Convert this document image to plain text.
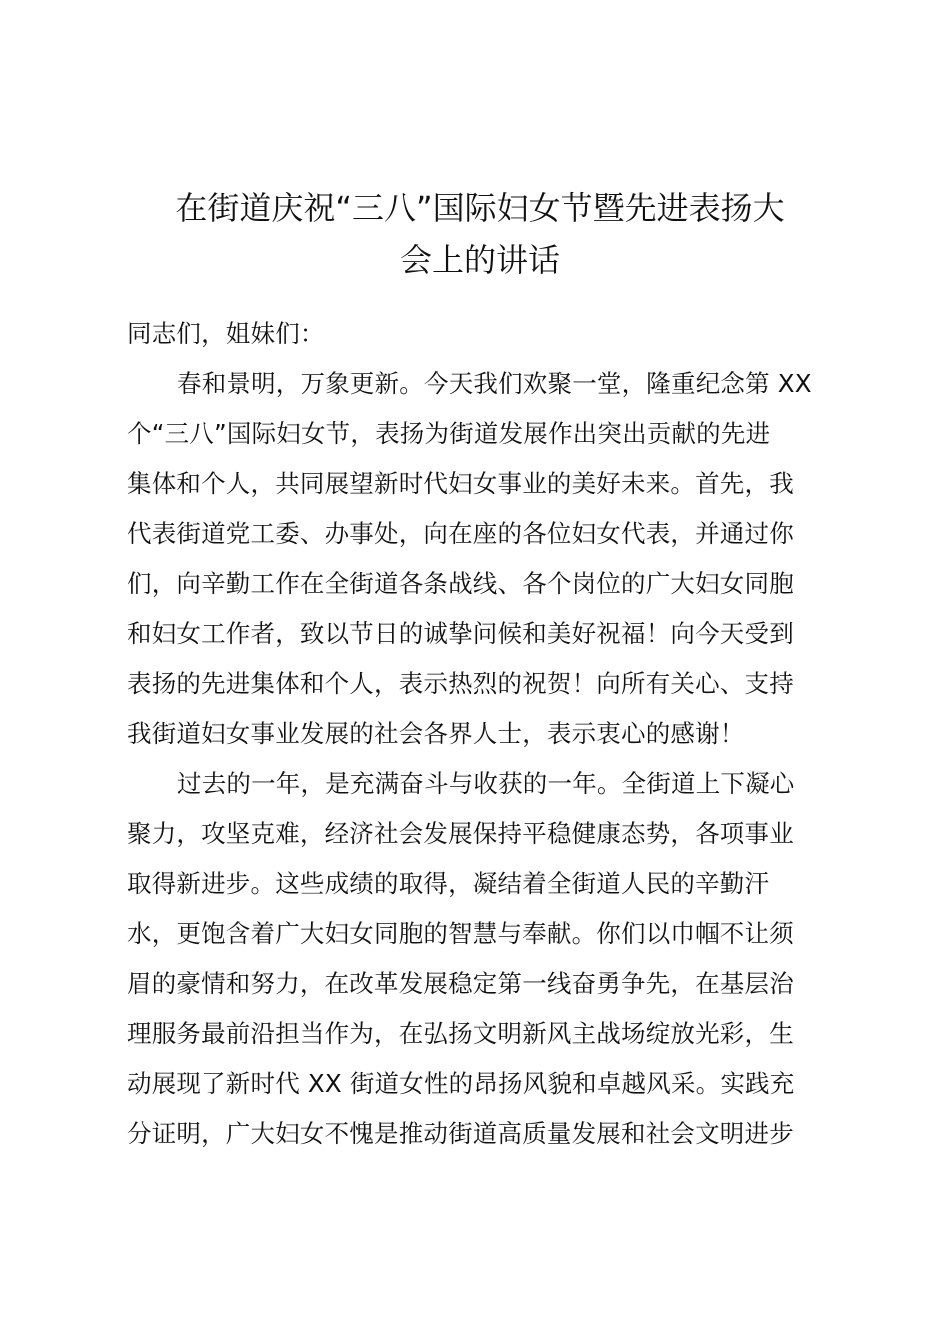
在街道庆祝“三八”国际妇女节暨先进表扬大
会上的讲话
同志们，姐妹们：
春和景明，万象更新。今天我们欢聚一堂，隆重纪念第 XX
个“三八”国际妇女节，表扬为街道发展作出突出贡献的先进
集体和个人，共同展望新时代妇女事业的美好未来。首先，我
代表街道党工委、办事处，向在座的各位妇女代表，并通过你
们，向辛勤工作在全街道各条战线、各个岗位的广大妇女同胞
和妇女工作者，致以节日的诚挚问候和美好祝福！向今天受到
表扬的先进集体和个人，表示热烈的祝贺！向所有关心、支持
我街道妇女事业发展的社会各界人士，表示衷心的感谢！
过去的一年，是充满奋斗与收获的一年。全街道上下凝心
聚力，攻坚克难，经济社会发展保持平稳健康态势，各项事业
取得新进步。这些成绩的取得，凝结着全街道人民的辛勤汗
水，更饱含着广大妇女同胞的智慧与奉献。你们以巾帼不让须
眉的豪情和努力，在改革发展稳定第一线奋勇争先，在基层治
理服务最前沿担当作为，在弘扬文明新风主战场绽放光彩，生
动展现了新时代 XX 街道女性的昂扬风貌和卓越风采。实践充
分证明，广大妇女不愧是推动街道高质量发展和社会文明进步
